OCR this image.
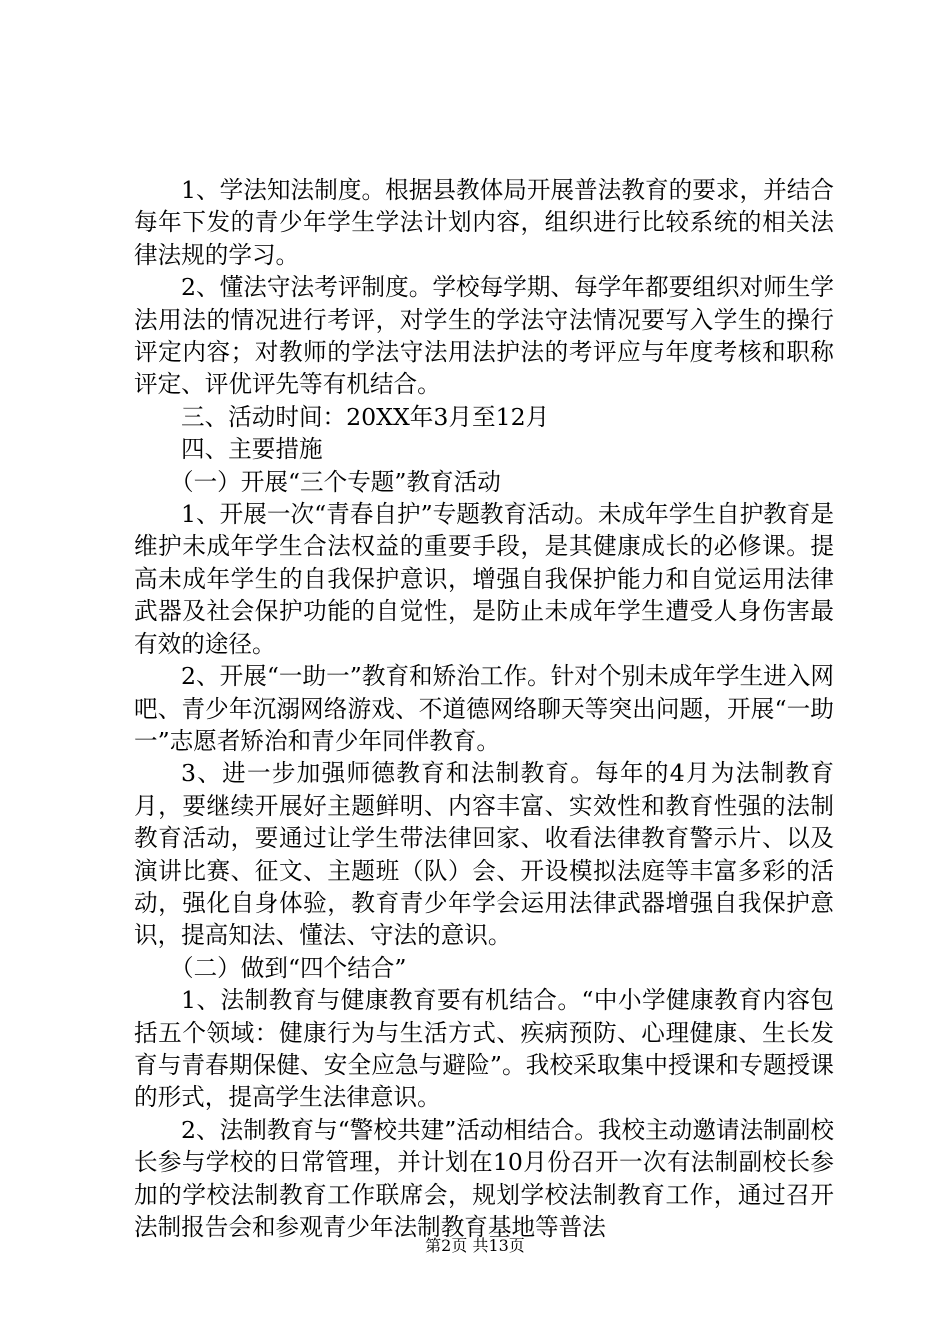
1、学法知法制度。根据县教体局开展普法教育的要求，并结合每年下发的青少年学生学法计划内容，组织进行比较系统的相关法律法规的学习。

2、懂法守法考评制度。学校每学期、每学年都要组织对师生学法用法的情况进行考评，对学生的学法守法情况要写入学生的操行评定内容；对教师的学法守法用法护法的考评应与年度考核和职称评定、评优评先等有机结合。

三、活动时间：20XX年3月至12月

四、主要措施

（一）开展“三个专题”教育活动

1、开展一次“青春自护”专题教育活动。未成年学生自护教育是维护未成年学生合法权益的重要手段，是其健康成长的必修课。提高未成年学生的自我保护意识，增强自我保护能力和自觉运用法律武器及社会保护功能的自觉性，是防止未成年学生遭受人身伤害最有效的途径。

2、开展“一助一”教育和矫治工作。针对个别未成年学生进入网吧、青少年沉溺网络游戏、不道德网络聊天等突出问题，开展“一助一”志愿者矫治和青少年同伴教育。

3、进一步加强师德教育和法制教育。每年的4月为法制教育月，要继续开展好主题鲜明、内容丰富、实效性和教育性强的法制教育活动，要通过让学生带法律回家、收看法律教育警示片、以及演讲比赛、征文、主题班（队）会、开设模拟法庭等丰富多彩的活动，强化自身体验，教育青少年学会运用法律武器增强自我保护意识，提高知法、懂法、守法的意识。

（二）做到“四个结合”

1、法制教育与健康教育要有机结合。“中小学健康教育内容包括五个领域：健康行为与生活方式、疾病预防、心理健康、生长发育与青春期保健、安全应急与避险”。我校采取集中授课和专题授课的形式，提高学生法律意识。

2、法制教育与“警校共建”活动相结合。我校主动邀请法制副校长参与学校的日常管理，并计划在10月份召开一次有法制副校长参加的学校法制教育工作联席会，规划学校法制教育工作，通过召开法制报告会和参观青少年法制教育基地等普法

第2页 共13页
